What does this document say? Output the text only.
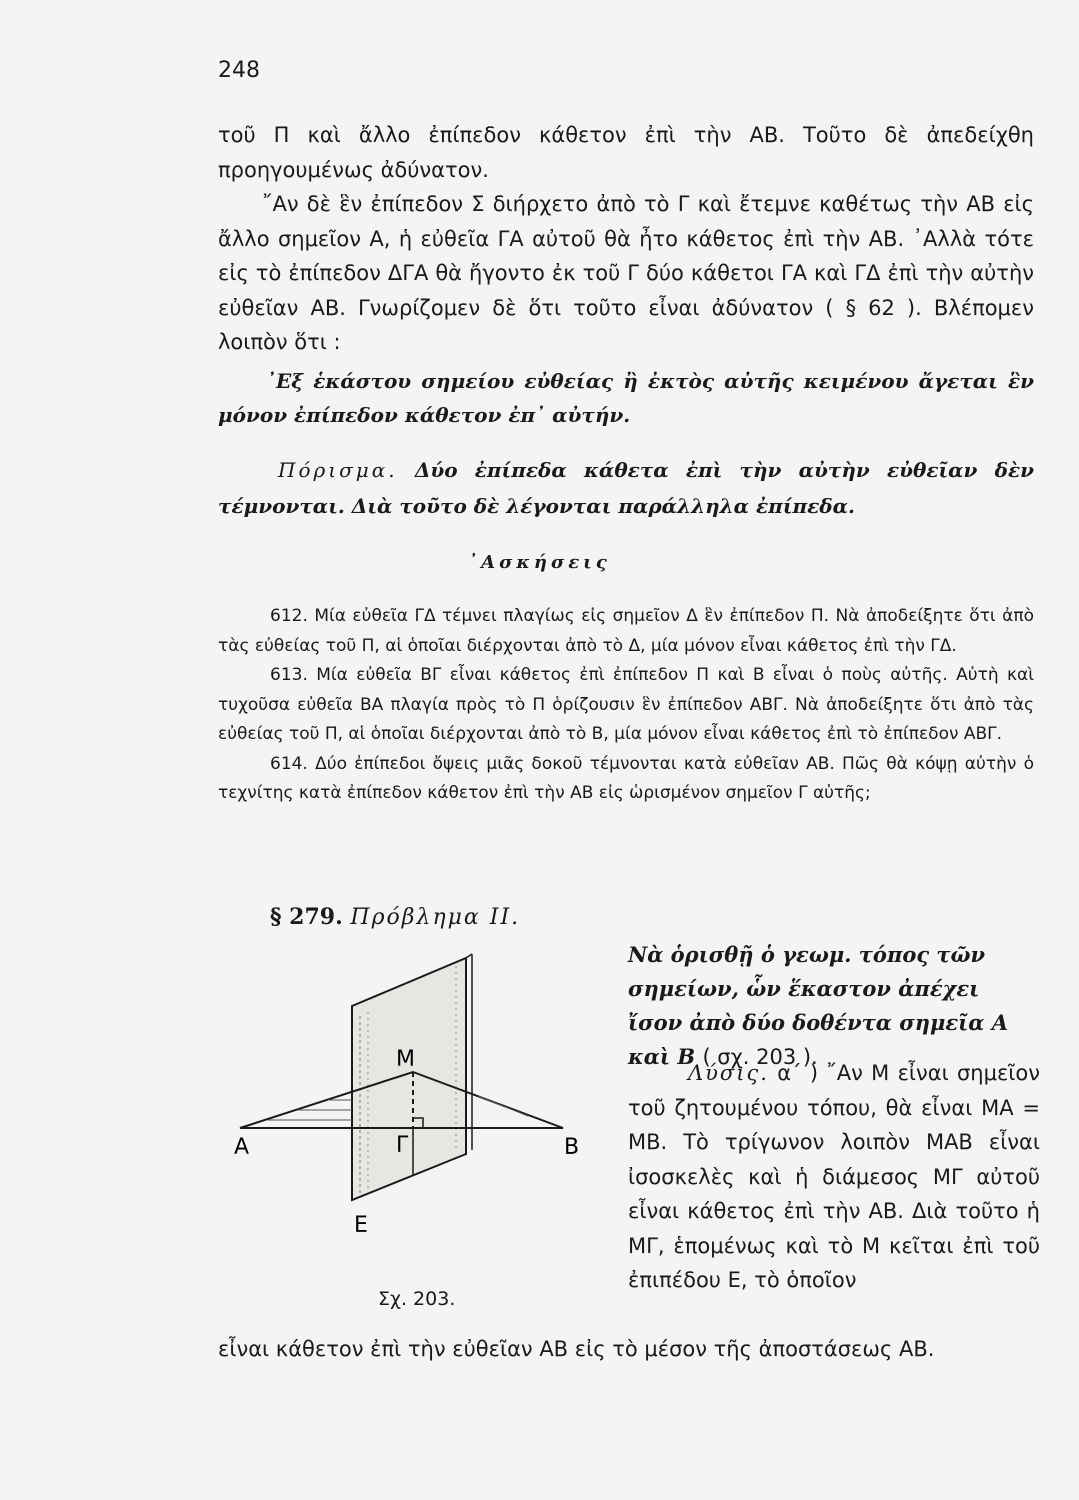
248
τοῦ Π καὶ ἄλλο ἐπίπεδον κάθετον ἐπὶ τὴν ΑΒ. Τοῦτο δὲ ἀπεδείχθη προηγουμένως ἀδύνατον.
῎Αν δὲ ἓν ἐπίπεδον Σ διήρχετο ἀπὸ τὸ Γ καὶ ἔτεμνε καθέτως τὴν ΑΒ εἰς ἄλλο σημεῖον Α, ἡ εὐθεῖα ΓΑ αὐτοῦ θὰ ἦτο κάθετος ἐπὶ τὴν ΑΒ. ᾿Αλλὰ τότε εἰς τὸ ἐπίπεδον ΔΓΑ θὰ ἤγοντο ἐκ τοῦ Γ δύο κάθετοι ΓΑ καὶ ΓΔ ἐπὶ τὴν αὐτὴν εὐθεῖαν ΑΒ. Γνωρίζομεν δὲ ὅτι τοῦτο εἶναι ἀδύνατον ( § 62 ). Βλέπομεν λοιπὸν ὅτι :
᾿Εξ ἑκάστου σημείου εὐθείας ἢ ἐκτὸς αὐτῆς κειμένου ἄγεται ἓν μόνον ἐπίπεδον κάθετον ἐπ᾿ αὐτήν.
Πόρισμα. Δύο ἐπίπεδα κάθετα ἐπὶ τὴν αὐτὴν εὐθεῖαν δὲν τέμνονται. Διὰ τοῦτο δὲ λέγονται παράλληλα ἐπίπεδα.
᾿Ασκήσεις

612. Μία εὐθεῖα ΓΔ τέμνει πλαγίως εἰς σημεῖον Δ ἓν ἐπίπεδον Π. Νὰ ἀποδείξητε ὅτι ἀπὸ τὰς εὐθείας τοῦ Π, αἱ ὁποῖαι διέρχονται ἀπὸ τὸ Δ, μία μόνον εἶναι κάθετος ἐπὶ τὴν ΓΔ.

613. Μία εὐθεῖα ΒΓ εἶναι κάθετος ἐπὶ ἐπίπεδον Π καὶ Β εἶναι ὁ ποὺς αὐτῆς. Αὐτὴ καὶ τυχοῦσα εὐθεῖα ΒΑ πλαγία πρὸς τὸ Π ὁρίζουσιν ἓν ἐπίπεδον ΑΒΓ. Νὰ ἀποδείξητε ὅτι ἀπὸ τὰς εὐθείας τοῦ Π, αἱ ὁποῖαι διέρχονται ἀπὸ τὸ Β, μία μόνον εἶναι κάθετος ἐπὶ τὸ ἐπίπεδον ΑΒΓ.

614. Δύο ἐπίπεδοι ὄψεις μιᾶς δοκοῦ τέμνονται κατὰ εὐθεῖαν ΑΒ. Πῶς θὰ κόψῃ αὐτὴν ὁ τεχνίτης κατὰ ἐπίπεδον κάθετον ἐπὶ τὴν ΑΒ εἰς ὡρισμένον σημεῖον Γ αὐτῆς;

§ 279. Πρόβλημα ΙΙ.
Νὰ ὁρισθῇ ὁ γεωμ. τόπος τῶν σημείων, ὧν ἕκαστον ἀπέχει ἴσον ἀπὸ δύο δοθέντα σημεῖα Α καὶ Β ( σχ. 203 ).
Λύσις. α΄ ) ῎Αν Μ εἶναι σημεῖον τοῦ ζητουμένου τόπου, θὰ εἶναι ΜΑ = ΜΒ. Τὸ τρίγωνον λοιπὸν ΜΑΒ εἶναι ἰσοσκελὲς καὶ ἡ διάμεσος ΜΓ αὐτοῦ εἶναι κάθετος ἐπὶ τὴν ΑΒ. Διὰ τοῦτο ἡ ΜΓ, ἑπομένως καὶ τὸ Μ κεῖται ἐπὶ τοῦ ἐπιπέδου Ε, τὸ ὁποῖον
εἶναι κάθετον ἐπὶ τὴν εὐθεῖαν ΑΒ εἰς τὸ μέσον τῆς ἀποστάσεως ΑΒ.
Μ
Α	Β
Γ
Ε
Σχ. 203.
